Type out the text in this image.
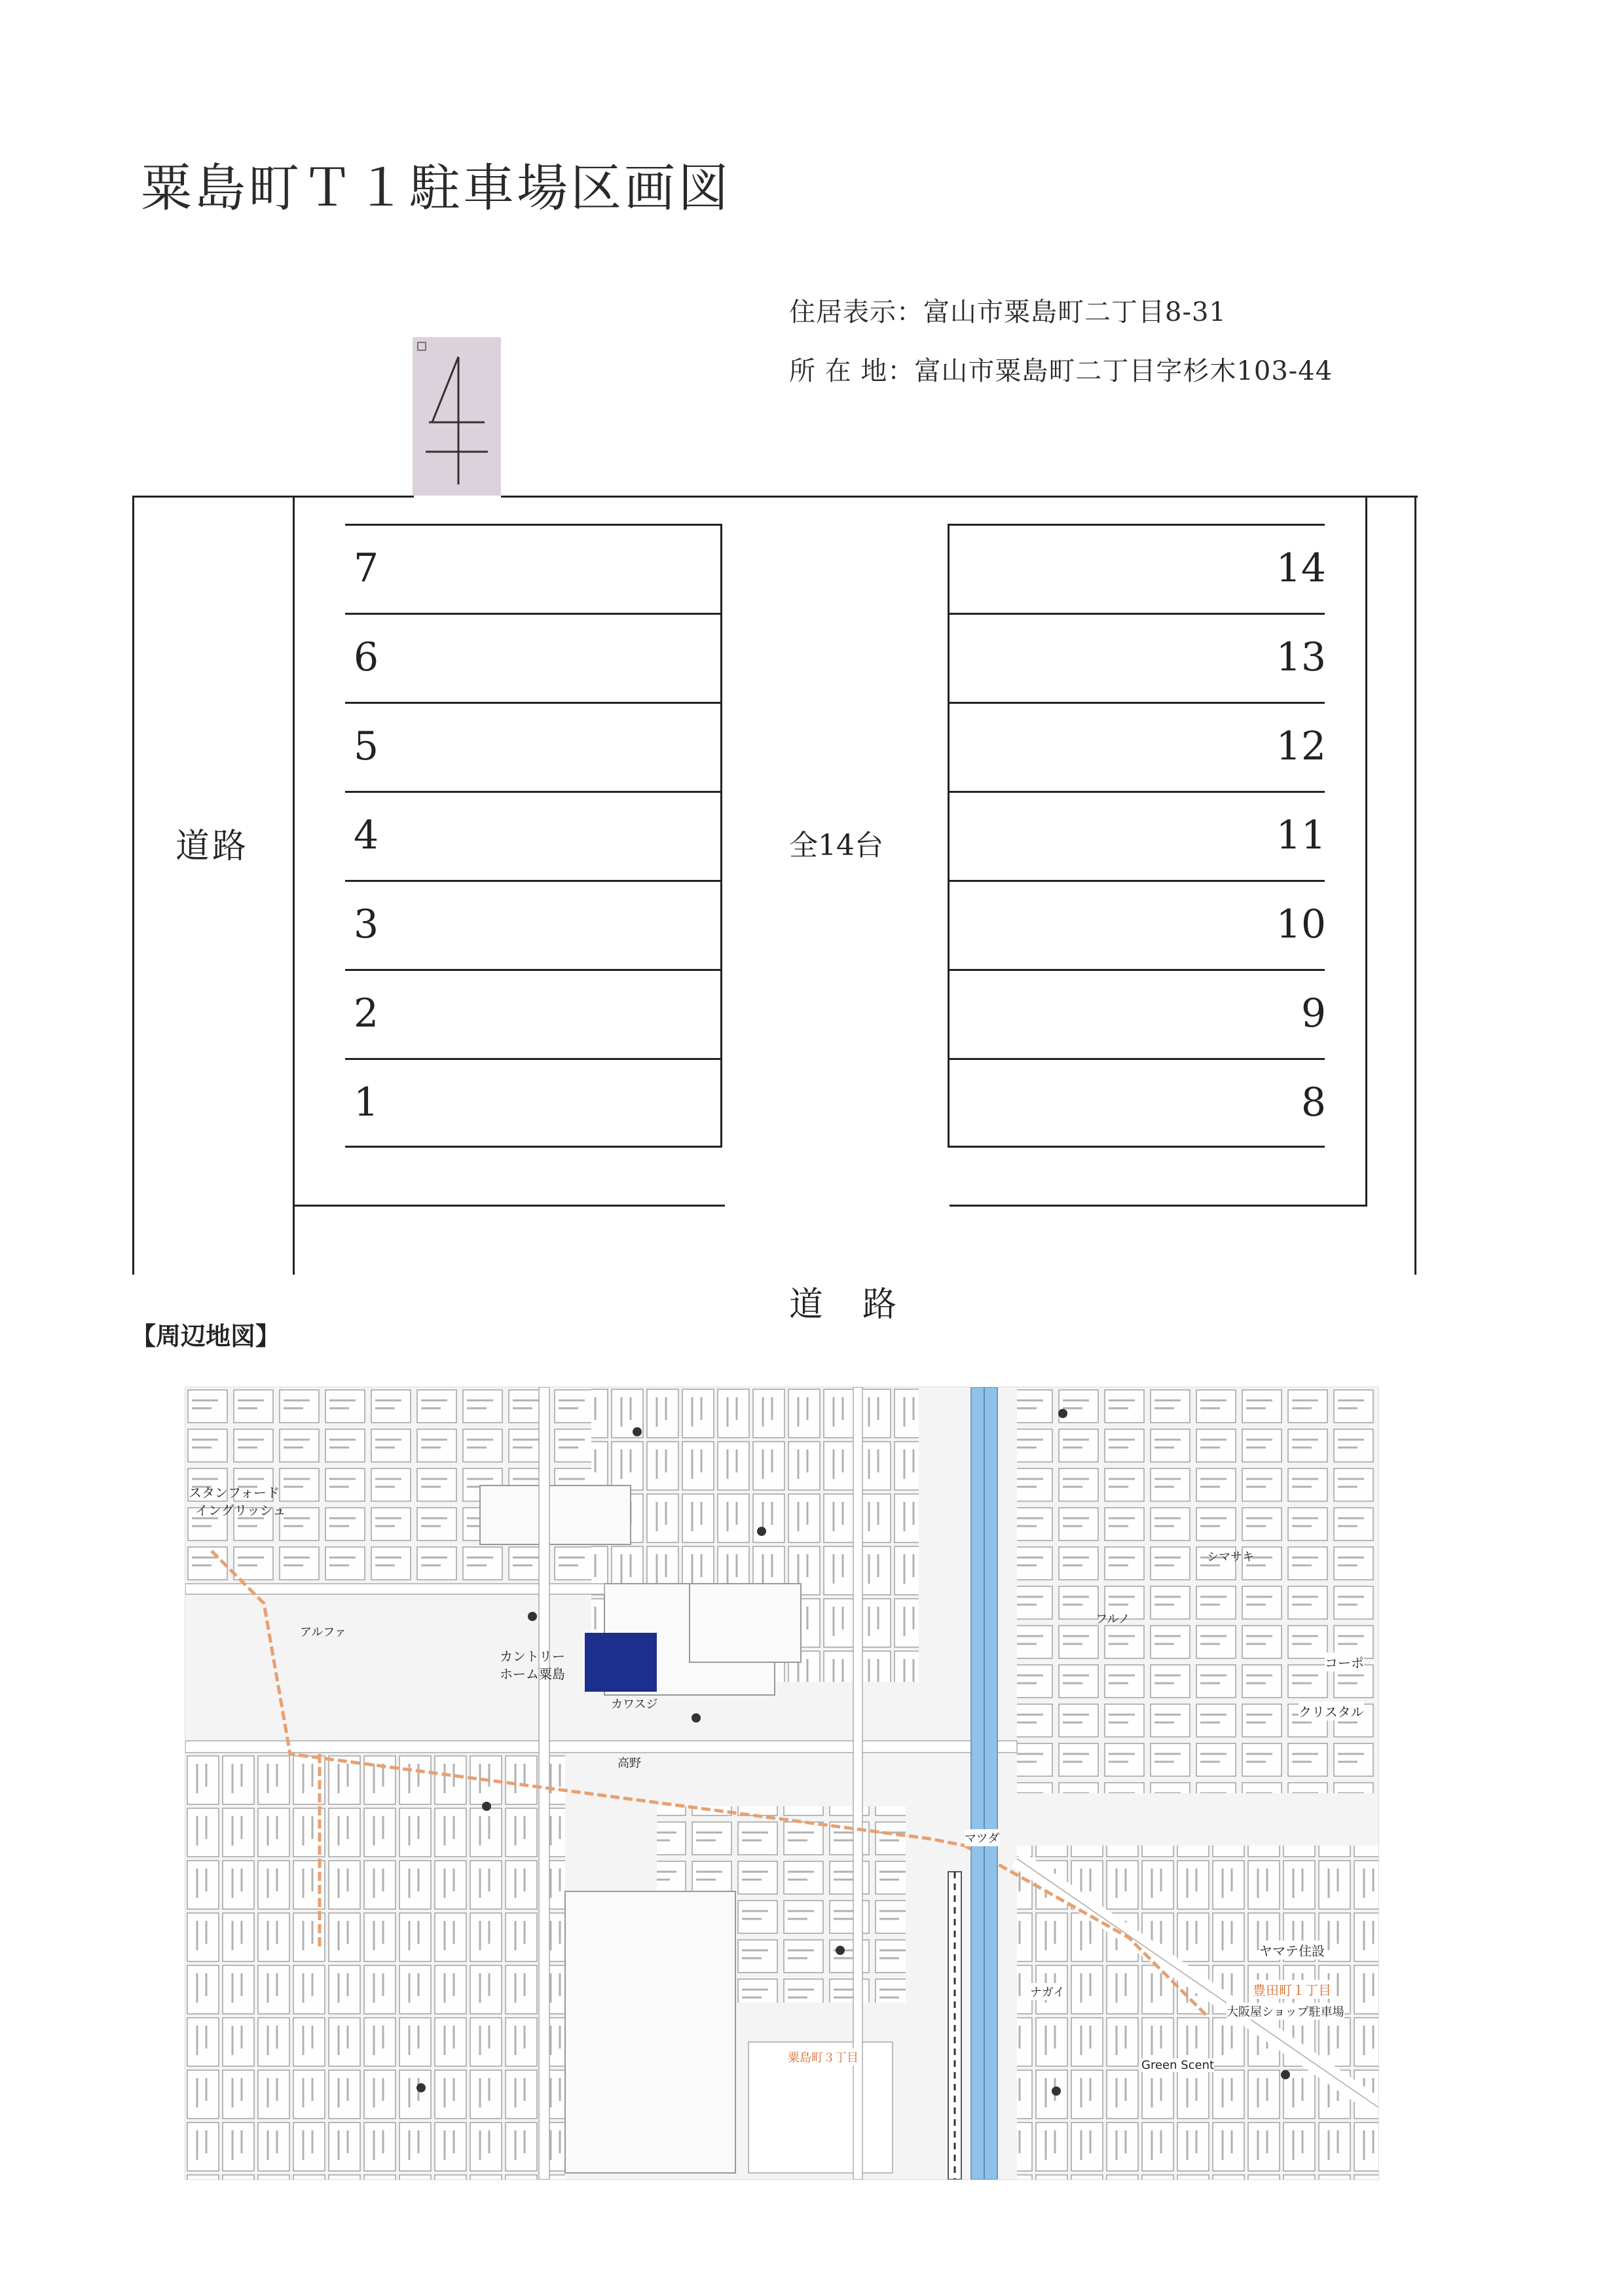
粟島町Ｔ１駐車場区画図
住居表示：富山市粟島町二丁目8-31
所 在 地：富山市粟島町二丁目字杉木103-44
7
6
5
4
3
2
1
14
13
12
11
10
9
8
道路	全14台
道　路
【周辺地図】
スタンフォード
イングリッシュ
アルファ
カントリー
ホーム粟島
カワスジ
高野
フルノ
シマサキ
クリスタル
コーポ
マツダ
ヤマテ住設
豊田町１丁目
大阪屋ショップ駐車場
粟島町３丁目
ナガイ
Green Scent
